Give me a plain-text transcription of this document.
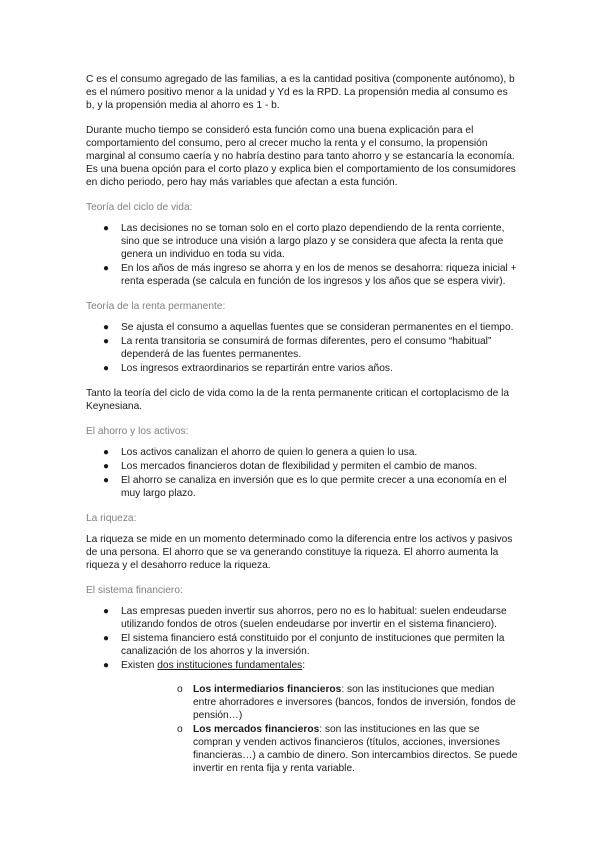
C es el consumo agregado de las familias, a es la cantidad positiva (componente autónomo), b es el número positivo menor a la unidad y Yd es la RPD. La propensión media al consumo es b, y la propensión media al ahorro es 1 - b.

Durante mucho tiempo se consideró esta función como una buena explicación para el comportamiento del consumo, pero al crecer mucho la renta y el consumo, la propensión marginal al consumo caería y no habría destino para tanto ahorro y se estancaría la economía. Es una buena opción para el corto plazo y explica bien el comportamiento de los consumidores en dicho periodo, pero hay más variables que afectan a esta función.

Teoría del ciclo de vida:

● Las decisiones no se toman solo en el corto plazo dependiendo de la renta corriente, sino que se introduce una visión a largo plazo y se considera que afecta la renta que genera un individuo en toda su vida.
● En los años de más ingreso se ahorra y en los de menos se desahorra: riqueza inicial + renta esperada (se calcula en función de los ingresos y los años que se espera vivir).

Teoría de la renta permanente:

● Se ajusta el consumo a aquellas fuentes que se consideran permanentes en el tiempo.
● La renta transitoria se consumirá de formas diferentes, pero el consumo “habitual” dependerá de las fuentes permanentes.
● Los ingresos extraordinarios se repartirán entre varios años.

Tanto la teoría del ciclo de vida como la de la renta permanente critican el cortoplacismo de la Keynesiana.

El ahorro y los activos:

● Los activos canalizan el ahorro de quien lo genera a quien lo usa.
● Los mercados financieros dotan de flexibilidad y permiten el cambio de manos.
● El ahorro se canaliza en inversión que es lo que permite crecer a una economía en el muy largo plazo.

La riqueza:

La riqueza se mide en un momento determinado como la diferencia entre los activos y pasivos de una persona. El ahorro que se va generando constituye la riqueza. El ahorro aumenta la riqueza y el desahorro reduce la riqueza.

El sistema financiero:

● Las empresas pueden invertir sus ahorros, pero no es lo habitual: suelen endeudarse utilizando fondos de otros (suelen endeudarse por invertir en el sistema financiero).
● El sistema financiero está constituido por el conjunto de instituciones que permiten la canalización de los ahorros y la inversión.
● Existen dos instituciones fundamentales:
o Los intermediarios financieros: son las instituciones que median entre ahorradores e inversores (bancos, fondos de inversión, fondos de pensión…)
o Los mercados financieros: son las instituciones en las que se compran y venden activos financieros (títulos, acciones, inversiones financieras…) a cambio de dinero. Son intercambios directos. Se puede invertir en renta fija y renta variable.
